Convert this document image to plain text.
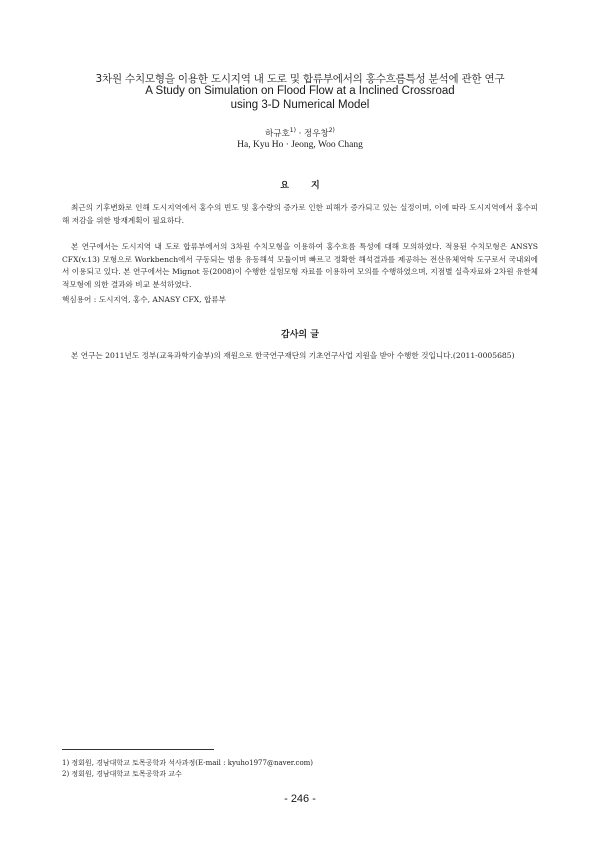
3차원 수치모형을 이용한 도시지역 내 도로 및 합류부에서의 홍수흐름특성 분석에 관한 연구
A Study on Simulation on Flood Flow at a Inclined Crossroad
using 3-D Numerical Model
하규호$^{1)}$ · 정우창$^{2)}$
Ha, Kyu Ho · Jeong, Woo Chang
요지
최근의 기후변화로 인해 도시지역에서 홍수의 빈도 및 홍수량의 증가로 인한 피해가 증가되고 있는 실정이며, 이에 따라 도시지역에서 홍수피해 저감을 위한 방재계획이 필요하다.
본 연구에서는 도시지역 내 도로 합류부에서의 3차원 수치모형을 이용하여 홍수흐름 특성에 대해 모의하였다. 적용된 수치모형은 ANSYS CFX(v.13) 모형으로 Workbench에서 구동되는 범용 유동해석 모듈이며 빠르고 정확한 해석결과를 제공하는 전산유체역학 도구로서 국내외에서 이용되고 있다. 본 연구에서는 Mignot 등(2008)이 수행한 실험모형 자료를 이용하여 모의를 수행하였으며, 지점별 실측자료와 2차원 유한체적모형에 의한 결과와 비교 분석하였다.
핵심용어 : 도시지역, 홍수, ANASY CFX, 합류부
감사의 글
본 연구는 2011년도 정부(교육과학기술부)의 재원으로 한국연구재단의 기초연구사업 지원을 받아 수행한 것입니다.(2011-0005685)
1) 정회원, 경남대학교 토목공학과 석사과정(E-mail : kyuho1977@naver.com)
2) 정회원, 경남대학교 토목공학과 교수
- 246 -
